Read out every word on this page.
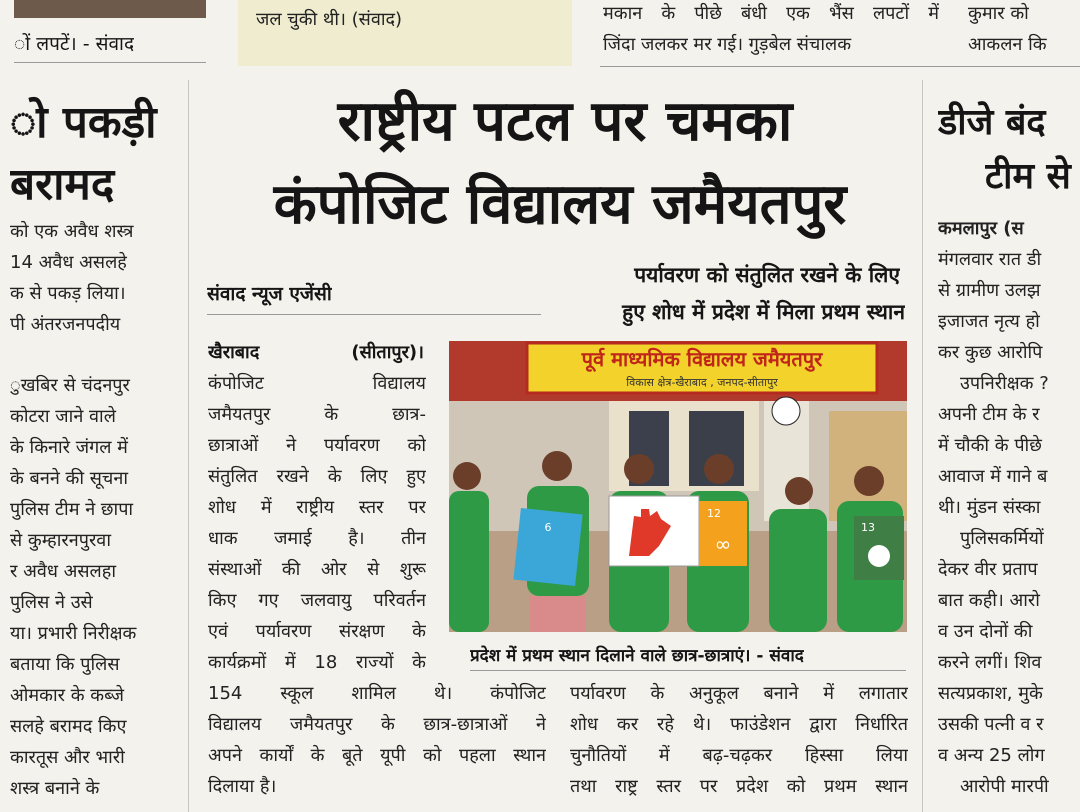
ों लपटें। - संवाद
जल चुकी थी। (संवाद)	मकान के पीछे बंधी एक भैंस लपटों में
जिंदा जलकर मर गई। गुड़बेल संचालक
कुमार को
आकलन कि
ो पकड़ी
बरामद
को एक अवैध शस्त्र
14 अवैध असलहे
क से पकड़ लिया।
पी अंतरजनपदीय
ुखबिर से चंदनपुर
कोटरा जाने वाले
के किनारे जंगल में
के बनने की सूचना
पुलिस टीम ने छापा
से कुम्हारनपुरवा
र अवैध असलहा
पुलिस ने उसे
या। प्रभारी निरीक्षक
बताया कि पुलिस
ओमकार के कब्जे
सलहे बरामद किए
कारतूस और भारी
शस्त्र बनाने के
राष्ट्रीय पटल पर चमका
कंपोजिट विद्यालय जमैयतपुर
संवाद न्यूज एजेंसी
पर्यावरण को संतुलित रखने के लिए
हुए शोध में प्रदेश में मिला प्रथम स्थान
खैराबाद (सीतापुर)।
कंपोजिट विद्यालय
जमैयतपुर के छात्र-
छात्राओं ने पर्यावरण को
संतुलित रखने के लिए हुए
शोध में राष्ट्रीय स्तर पर
धाक जमाई है। तीन
संस्थाओं की ओर से शुरू
किए गए जलवायु परिवर्तन
एवं पर्यावरण संरक्षण के
कार्यक्रमों में 18 राज्यों के
154 स्कूल शामिल थे। कंपोजिट
विद्यालय जमैयतपुर के छात्र-छात्राओं ने
अपने कार्यों के बूते यूपी को पहला स्थान
दिलाया है।
पर्यावरण के अनुकूल बनाने में लगातार
शोध कर रहे थे। फाउंडेशन द्वारा निर्धारित
चुनौतियों में बढ़-चढ़कर हिस्सा लिया
तथा राष्ट्र स्तर पर प्रदेश को प्रथम स्थान
पूर्व माध्यमिक विद्यालय जमैयतपुर
विकास क्षेत्र-खैराबाद , जनपद-सीतापुर
6
12
∞
13
प्रदेश में प्रथम स्थान दिलाने वाले छात्र-छात्राएं। - संवाद
डीजे बंद
टीम से
कमलापुर (स
मंगलवार रात डी
से ग्रामीण उलझ
इजाजत नृत्य हो
कर कुछ आरोपि
उपनिरीक्षक ?
अपनी टीम के र
में चौकी के पीछे
आवाज में गाने ब
थी। मुंडन संस्का
पुलिसकर्मियों
देकर वीर प्रताप
बात कही। आरो
व उन दोनों की
करने लगीं। शिव
सत्यप्रकाश, मुके
उसकी पत्नी व र
व अन्य 25 लोग
आरोपी मारपी
